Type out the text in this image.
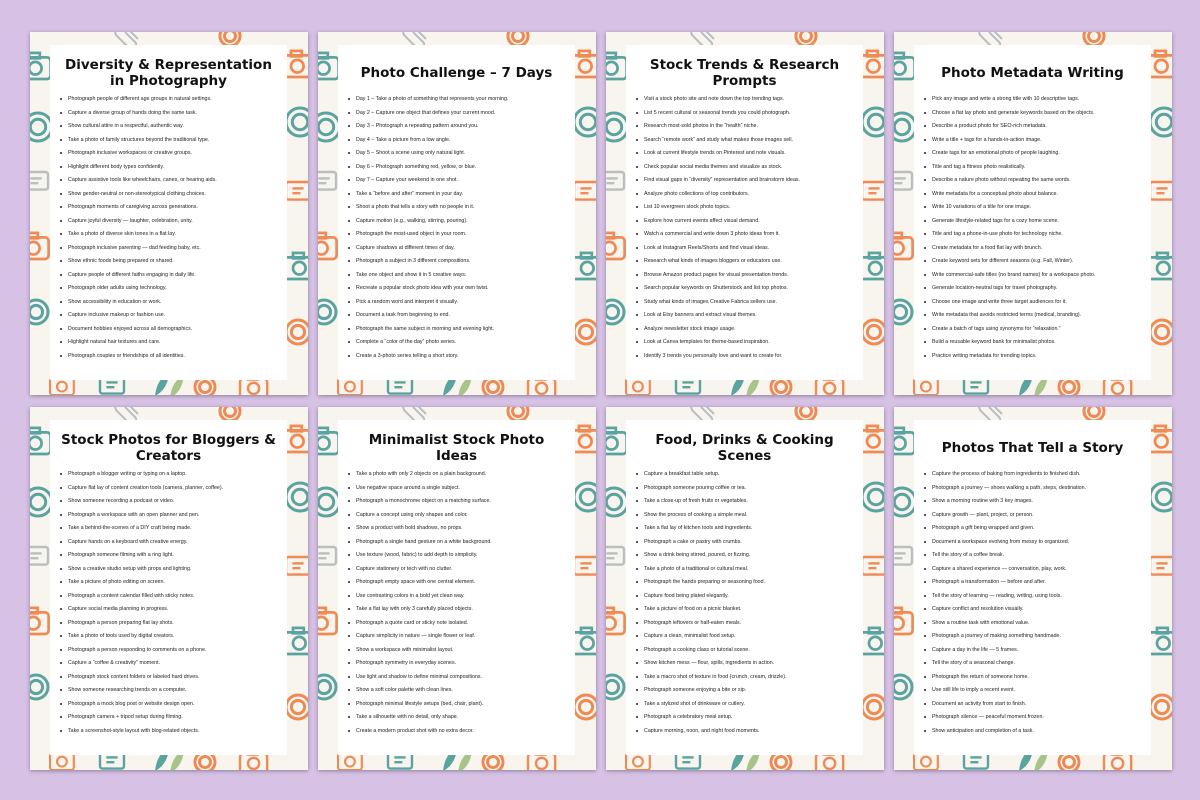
Diversity & Representation in Photography
Photograph people of different age groups in natural settings.
Capture a diverse group of hands doing the same task.
Show cultural attire in a respectful, authentic way.
Take a photo of family structures beyond the traditional type.
Photograph inclusive workspaces or creative groups.
Highlight different body types confidently.
Capture assistive tools like wheelchairs, canes, or hearing aids.
Show gender-neutral or non-stereotypical clothing choices.
Photograph moments of caregiving across generations.
Capture joyful diversity — laughter, celebration, unity.
Take a photo of diverse skin tones in a flat lay.
Photograph inclusive parenting — dad feeding baby, etc.
Show ethnic foods being prepared or shared.
Capture people of different faiths engaging in daily life.
Photograph older adults using technology.
Show accessibility in education or work.
Capture inclusive makeup or fashion use.
Document hobbies enjoyed across all demographics.
Highlight natural hair textures and care.
Photograph couples or friendships of all identities.
Photo Challenge – 7 Days
Day 1 – Take a photo of something that represents your morning.
Day 2 – Capture one object that defines your current mood.
Day 3 – Photograph a repeating pattern around you.
Day 4 – Take a picture from a low angle.
Day 5 – Shoot a scene using only natural light.
Day 6 – Photograph something red, yellow, or blue.
Day 7 – Capture your weekend in one shot.
Take a “before and after” moment in your day.
Shoot a photo that tells a story with no people in it.
Capture motion (e.g., walking, stirring, pouring).
Photograph the most-used object in your room.
Capture shadows at different times of day.
Photograph a subject in 3 different compositions.
Take one object and show it in 5 creative ways.
Recreate a popular stock photo idea with your own twist.
Pick a random word and interpret it visually.
Document a task from beginning to end.
Photograph the same subject in morning and evening light.
Complete a “color of the day” photo series.
Create a 3-photo series telling a short story.
Stock Trends & Research Prompts
Visit a stock photo site and note down the top trending tags.
List 5 recent cultural or seasonal trends you could photograph.
Research most-sold photos in the “health” niche.
Search “remote work” and study what makes those images sell.
Look at current lifestyle trends on Pinterest and note visuals.
Check popular social media themes and visualize as stock.
Find visual gaps in “diversity” representation and brainstorm ideas.
Analyze photo collections of top contributors.
List 10 evergreen stock photo topics.
Explore how current events affect visual demand.
Watch a commercial and write down 3 photo ideas from it.
Look at Instagram Reels/Shorts and find visual ideas.
Research what kinds of images bloggers or educators use.
Browse Amazon product pages for visual presentation trends.
Search popular keywords on Shutterstock and list top photos.
Study what kinds of images Creative Fabrica sellers use.
Look at Etsy banners and extract visual themes.
Analyze newsletter stock image usage.
Look at Canva templates for theme-based inspiration.
Identify 3 trends you personally love and want to create for.
Photo Metadata Writing
Pick any image and write a strong title with 10 descriptive tags.
Choose a flat lay photo and generate keywords based on the objects.
Describe a product photo for SEO-rich metadata.
Write a title + tags for a hands-in-action image.
Create tags for an emotional photo of people laughing.
Title and tag a fitness photo realistically.
Describe a nature photo without repeating the same words.
Write metadata for a conceptual photo about balance.
Write 10 variations of a title for one image.
Generate lifestyle-related tags for a cozy home scene.
Title and tag a phone-in-use photo for technology niche.
Create metadata for a food flat lay with brunch.
Create keyword sets for different seasons (e.g. Fall, Winter).
Write commercial-safe titles (no brand names) for a workspace photo.
Generate location-neutral tags for travel photography.
Choose one image and write three target audiences for it.
Write metadata that avoids restricted terms (medical, branding).
Create a batch of tags using synonyms for “relaxation.”
Build a reusable keyword bank for minimalist photos.
Practice writing metadata for trending topics.
Stock Photos for Bloggers & Creators
Photograph a blogger writing or typing on a laptop.
Capture flat lay of content creation tools (camera, planner, coffee).
Show someone recording a podcast or video.
Photograph a workspace with an open planner and pen.
Take a behind-the-scenes of a DIY craft being made.
Capture hands on a keyboard with creative energy.
Photograph someone filming with a ring light.
Show a creative studio setup with props and lighting.
Take a picture of photo editing on screen.
Photograph a content calendar filled with sticky notes.
Capture social media planning in progress.
Photograph a person preparing flat lay shots.
Take a photo of tools used by digital creators.
Photograph a person responding to comments on a phone.
Capture a “coffee & creativity” moment.
Photograph stock content folders or labeled hard drives.
Show someone researching trends on a computer.
Photograph a mock blog post or website design open.
Photograph camera + tripod setup during filming.
Take a screenshot-style layout with blog-related objects.
Minimalist Stock Photo Ideas
Take a photo with only 2 objects on a plain background.
Use negative space around a single subject.
Photograph a monochrome object on a matching surface.
Capture a concept using only shapes and color.
Show a product with bold shadows, no props.
Photograph a single hand gesture on a white background.
Use texture (wood, fabric) to add depth to simplicity.
Capture stationery or tech with no clutter.
Photograph empty space with one central element.
Use contrasting colors in a bold yet clean way.
Take a flat lay with only 3 carefully placed objects.
Photograph a quote card or sticky note isolated.
Capture simplicity in nature — single flower or leaf.
Show a workspace with minimalist layout.
Photograph symmetry in everyday scenes.
Use light and shadow to define minimal compositions.
Show a soft color palette with clean lines.
Photograph minimal lifestyle setups (bed, chair, plant).
Take a silhouette with no detail, only shape.
Create a modern product shot with no extra decor.
Food, Drinks & Cooking Scenes
Capture a breakfast table setup.
Photograph someone pouring coffee or tea.
Take a close-up of fresh fruits or vegetables.
Show the process of cooking a simple meal.
Take a flat lay of kitchen tools and ingredients.
Photograph a cake or pastry with crumbs.
Show a drink being stirred, poured, or fizzing.
Take a photo of a traditional or cultural meal.
Photograph the hands preparing or seasoning food.
Capture food being plated elegantly.
Take a picture of food on a picnic blanket.
Photograph leftovers or half-eaten meals.
Capture a clean, minimalist food setup.
Photograph a cooking class or tutorial scene.
Show kitchen mess — flour, spills, ingredients in action.
Take a macro shot of texture in food (crunch, cream, drizzle).
Photograph someone enjoying a bite or sip.
Take a stylized shot of drinkware or cutlery.
Photograph a celebratory meal setup.
Capture morning, noon, and night food moments.
Photos That Tell a Story
Capture the process of baking from ingredients to finished dish.
Photograph a journey — shoes walking a path, steps, destination.
Show a morning routine with 3 key images.
Capture growth — plant, project, or person.
Photograph a gift being wrapped and given.
Document a workspace evolving from messy to organized.
Tell the story of a coffee break.
Capture a shared experience — conversation, play, work.
Photograph a transformation — before and after.
Tell the story of learning — reading, writing, using tools.
Capture conflict and resolution visually.
Show a routine task with emotional value.
Photograph a journey of making something handmade.
Capture a day in the life — 5 frames.
Tell the story of a seasonal change.
Photograph the return of someone home.
Use still life to imply a recent event.
Document an activity from start to finish.
Photograph silence — peaceful moment frozen.
Show anticipation and completion of a task.
